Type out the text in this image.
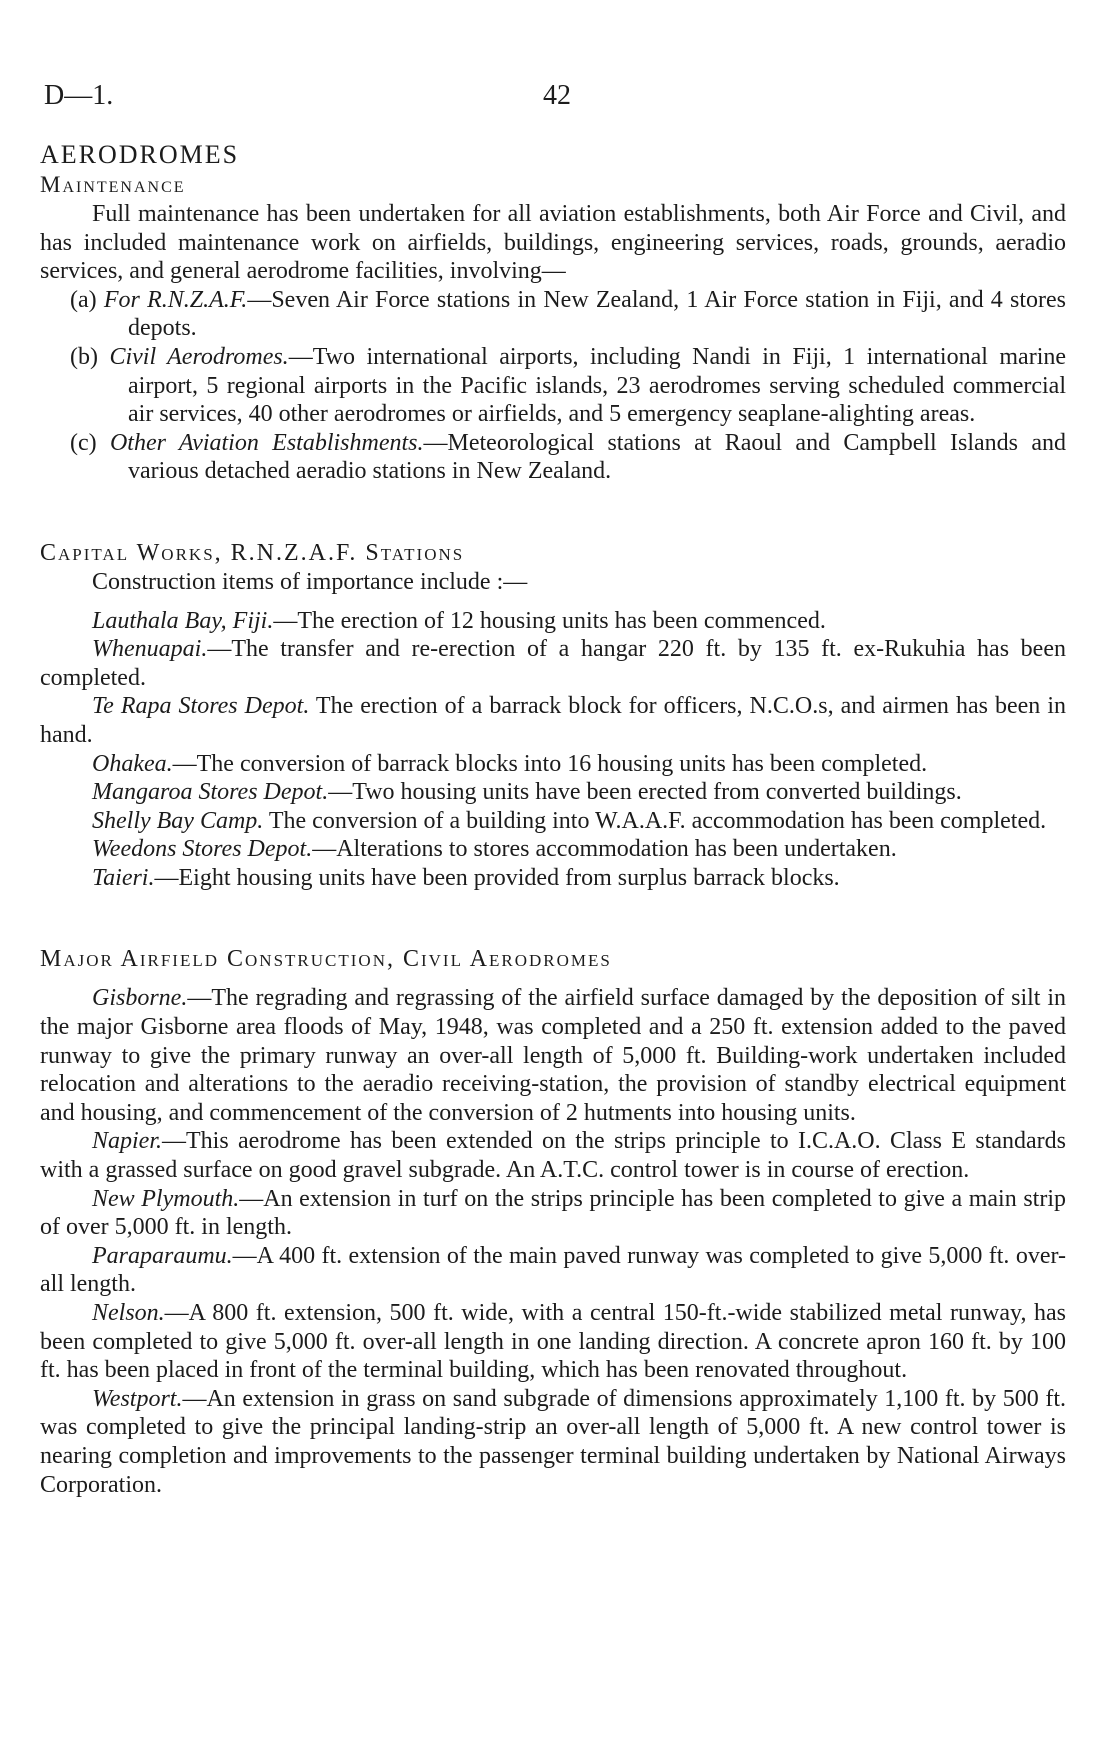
D—1.	42

AERODROMES

Maintenance

Full maintenance has been undertaken for all aviation establishments, both Air Force and Civil, and has included maintenance work on airfields, buildings, engineering services, roads, grounds, aeradio services, and general aerodrome facilities, involving—

(a) For R.N.Z.A.F.—Seven Air Force stations in New Zealand, 1 Air Force station in Fiji, and 4 stores depots.

(b) Civil Aerodromes.—Two international airports, including Nandi in Fiji, 1 international marine airport, 5 regional airports in the Pacific islands, 23 aerodromes serving scheduled commercial air services, 40 other aerodromes or airfields, and 5 emergency seaplane-alighting areas.

(c) Other Aviation Establishments.—Meteorological stations at Raoul and Campbell Islands and various detached aeradio stations in New Zealand.

Capital Works, R.N.Z.A.F. Stations

Construction items of importance include :—

Lauthala Bay, Fiji.—The erection of 12 housing units has been commenced.

Whenuapai.—The transfer and re-erection of a hangar 220 ft. by 135 ft. ex-Rukuhia has been completed.

Te Rapa Stores Depot. The erection of a barrack block for officers, N.C.O.s, and airmen has been in hand.

Ohakea.—The conversion of barrack blocks into 16 housing units has been completed.

Mangaroa Stores Depot.—Two housing units have been erected from converted buildings.

Shelly Bay Camp. The conversion of a building into W.A.A.F. accommodation has been completed.

Weedons Stores Depot.—Alterations to stores accommodation has been undertaken.

Taieri.—Eight housing units have been provided from surplus barrack blocks.

Major Airfield Construction, Civil Aerodromes

Gisborne.—The regrading and regrassing of the airfield surface damaged by the deposition of silt in the major Gisborne area floods of May, 1948, was completed and a 250 ft. extension added to the paved runway to give the primary runway an over-all length of 5,000 ft. Building-work undertaken included relocation and alterations to the aeradio receiving-station, the provision of standby electrical equipment and housing, and commencement of the conversion of 2 hutments into housing units.

Napier.—This aerodrome has been extended on the strips principle to I.C.A.O. Class E standards with a grassed surface on good gravel subgrade. An A.T.C. control tower is in course of erection.

New Plymouth.—An extension in turf on the strips principle has been completed to give a main strip of over 5,000 ft. in length.

Paraparaumu.—A 400 ft. extension of the main paved runway was completed to give 5,000 ft. over-all length.

Nelson.—A 800 ft. extension, 500 ft. wide, with a central 150-ft.-wide stabilized metal runway, has been completed to give 5,000 ft. over-all length in one landing direction. A concrete apron 160 ft. by 100 ft. has been placed in front of the terminal building, which has been renovated throughout.

Westport.—An extension in grass on sand subgrade of dimensions approximately 1,100 ft. by 500 ft. was completed to give the principal landing-strip an over-all length of 5,000 ft. A new control tower is nearing completion and improvements to the passenger terminal building undertaken by National Airways Corporation.
